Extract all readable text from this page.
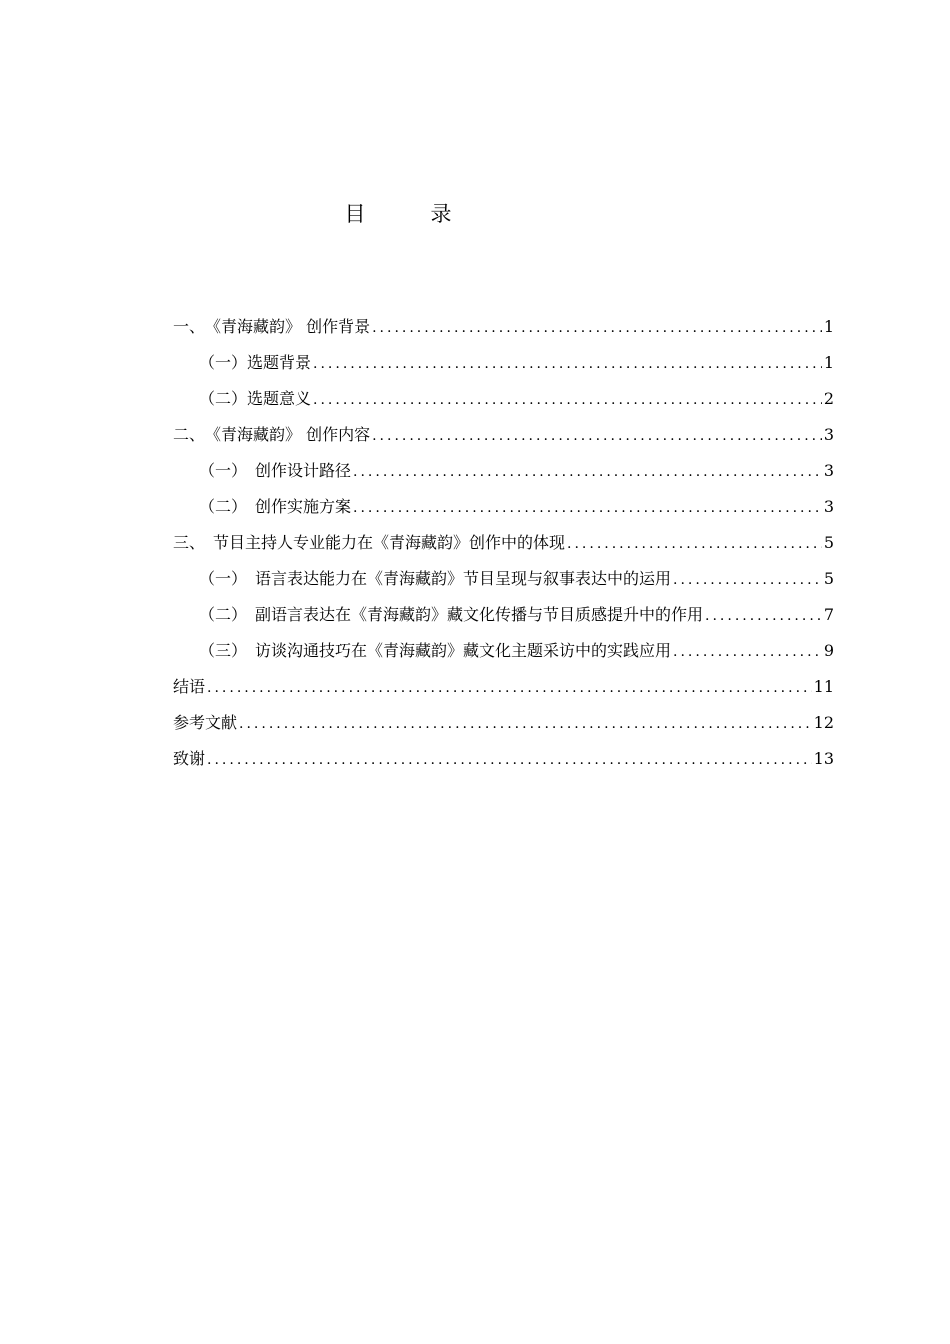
目　录
一、　《青海藏韵》 创作背景 .....	1
（一）选题背景 .....	1
（二）选题意义 .....	2
二、　《青海藏韵》 创作内容 .....	3
（一）　创作设计路径 .....	3
（二）　创作实施方案 .....	3
三、　节目主持人专业能力在《青海藏韵》创作中的体现 .....	5
（一）　语言表达能力在《青海藏韵》节目呈现与叙事表达中的运用 .....	5
（二）　副语言表达在《青海藏韵》藏文化传播与节目质感提升中的作用 .....	7
（三）　访谈沟通技巧在《青海藏韵》藏文化主题采访中的实践应用 .....	9
结语 .....	11
参考文献 .....	12
致谢 .....	13
